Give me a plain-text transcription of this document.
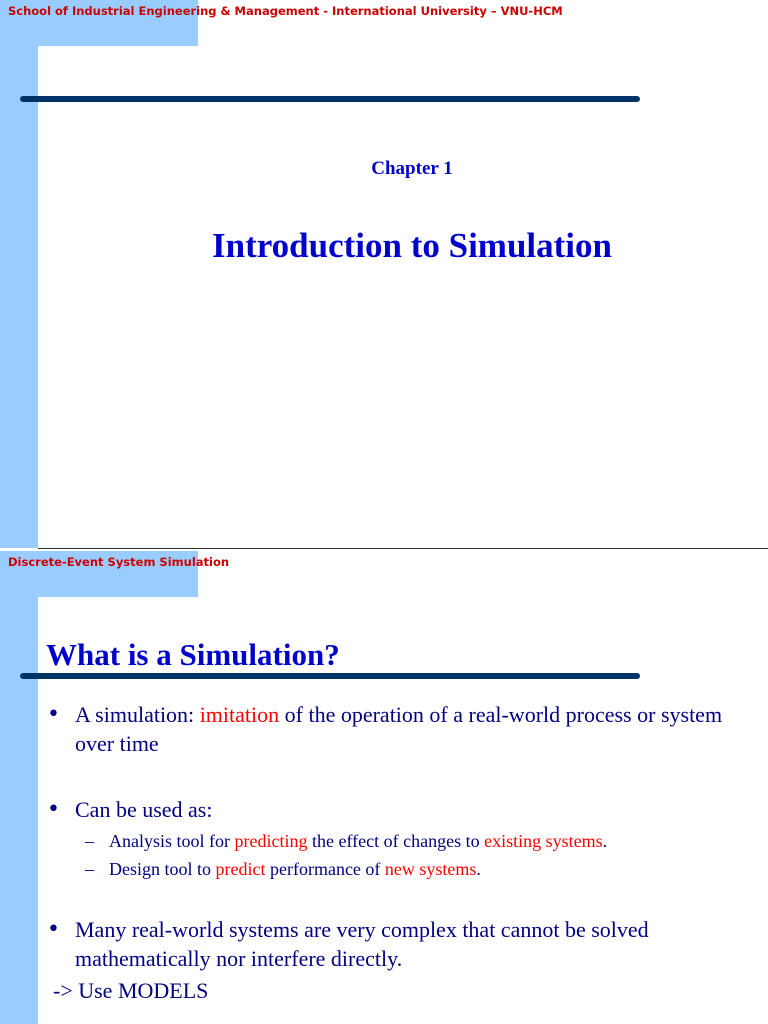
School of Industrial Engineering & Management - International University – VNU-HCM
Chapter 1
Introduction to Simulation
Discrete-Event System Simulation
What is a Simulation?
• A simulation: imitation of the operation of a real-world process or system over time
• Can be used as:
– Analysis tool for predicting the effect of changes to existing systems.
– Design tool to predict performance of new systems.
• Many real-world systems are very complex that cannot be solved mathematically nor interfere directly.
-> Use MODELS
